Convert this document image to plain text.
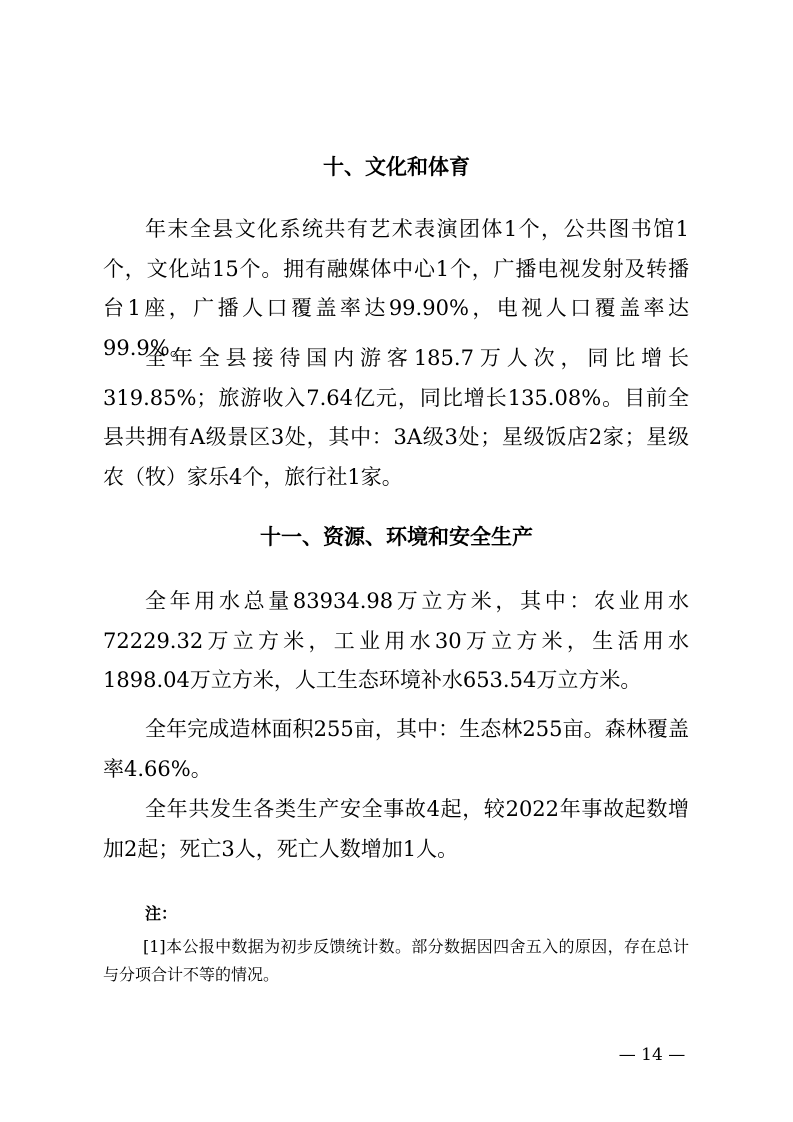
十、文化和体育

年末全县文化系统共有艺术表演团体1个，公共图书馆1个，文化站15个。拥有融媒体中心1个，广播电视发射及转播台1座，广播人口覆盖率达99.90%，电视人口覆盖率达99.9%。

全年全县接待国内游客185.7万人次，同比增长319.85%；旅游收入7.64亿元，同比增长135.08%。目前全县共拥有A级景区3处，其中：3A级3处；星级饭店2家；星级农（牧）家乐4个，旅行社1家。

十一、资源、环境和安全生产

全年用水总量83934.98万立方米，其中：农业用水72229.32万立方米，工业用水30万立方米，生活用水1898.04万立方米，人工生态环境补水653.54万立方米。

全年完成造林面积255亩，其中：生态林255亩。森林覆盖率4.66%。

全年共发生各类生产安全事故4起，较2022年事故起数增加2起；死亡3人，死亡人数增加1人。

注：

[1]本公报中数据为初步反馈统计数。部分数据因四舍五入的原因，存在总计与分项合计不等的情况。

— 14 —
